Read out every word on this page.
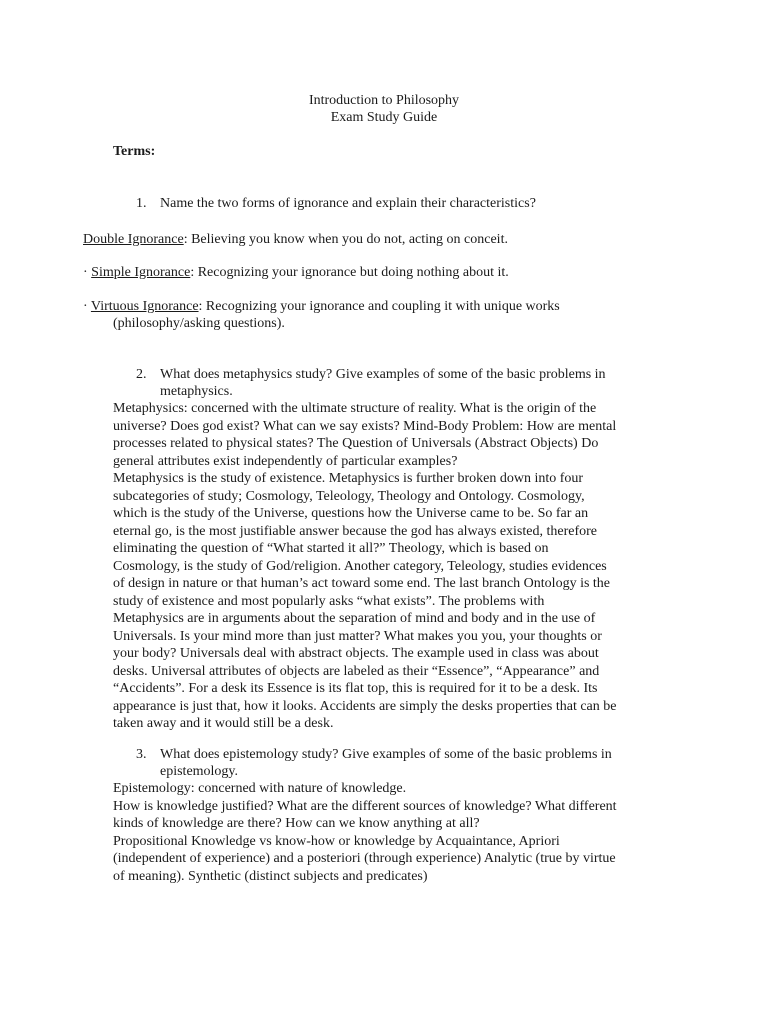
Introduction to Philosophy
Exam Study Guide
Terms:
1. Name the two forms of ignorance and explain their characteristics?
Double Ignorance: Believing you know when you do not, acting on conceit.
· Simple Ignorance: Recognizing your ignorance but doing nothing about it.
· Virtuous Ignorance: Recognizing your ignorance and coupling it with unique works
(philosophy/asking questions).
2. What does metaphysics study? Give examples of some of the basic problems in
metaphysics.
Metaphysics: concerned with the ultimate structure of reality. What is the origin of the
universe? Does god exist? What can we say exists? Mind-Body Problem: How are mental
processes related to physical states? The Question of Universals (Abstract Objects) Do
general attributes exist independently of particular examples?
Metaphysics is the study of existence. Metaphysics is further broken down into four
subcategories of study; Cosmology, Teleology, Theology and Ontology. Cosmology,
which is the study of the Universe, questions how the Universe came to be. So far an
eternal go, is the most justifiable answer because the god has always existed, therefore
eliminating the question of “What started it all?” Theology, which is based on
Cosmology, is the study of God/religion. Another category, Teleology, studies evidences
of design in nature or that human’s act toward some end. The last branch Ontology is the
study of existence and most popularly asks “what exists”. The problems with
Metaphysics are in arguments about the separation of mind and body and in the use of
Universals. Is your mind more than just matter? What makes you you, your thoughts or
your body? Universals deal with abstract objects. The example used in class was about
desks. Universal attributes of objects are labeled as their “Essence”, “Appearance” and
“Accidents”. For a desk its Essence is its flat top, this is required for it to be a desk. Its
appearance is just that, how it looks. Accidents are simply the desks properties that can be
taken away and it would still be a desk.
3. What does epistemology study? Give examples of some of the basic problems in
epistemology.
Epistemology: concerned with nature of knowledge.
How is knowledge justified? What are the different sources of knowledge? What different
kinds of knowledge are there? How can we know anything at all?
Propositional Knowledge vs know-how or knowledge by Acquaintance, Apriori
(independent of experience) and a posteriori (through experience) Analytic (true by virtue
of meaning). Synthetic (distinct subjects and predicates)
